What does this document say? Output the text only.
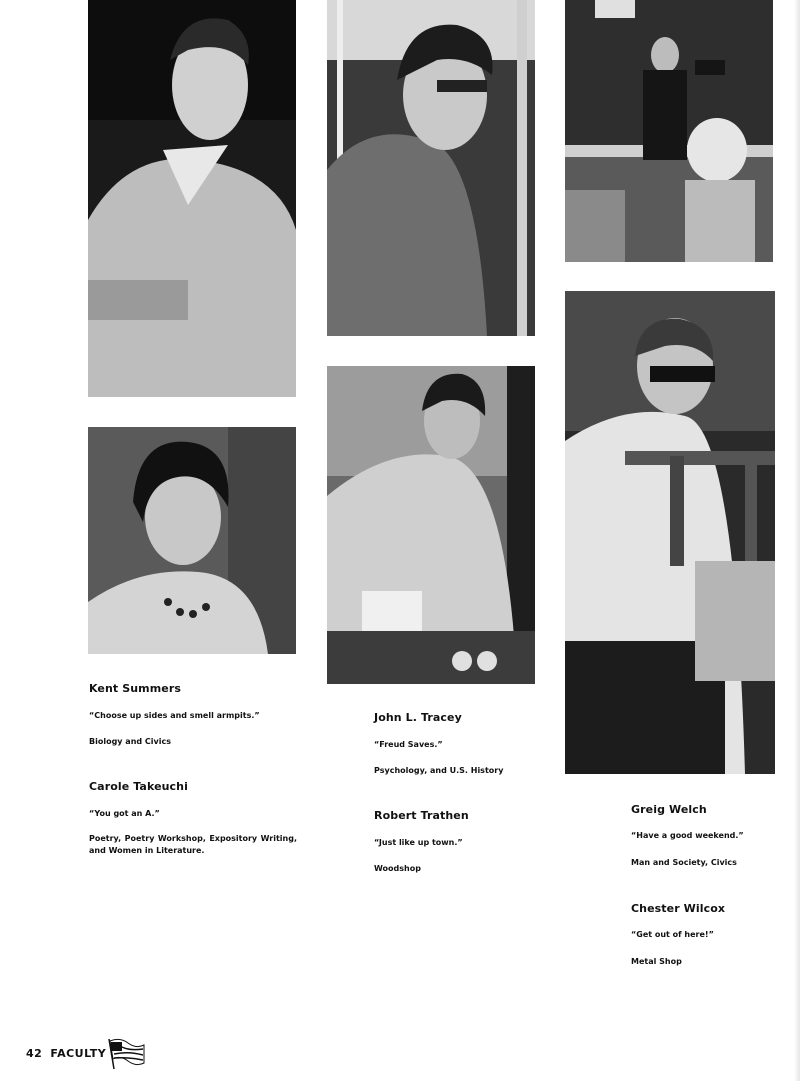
Kent Summers
“Choose up sides and smell armpits.”
Biology and Civics
Carole Takeuchi
“You got an A.”
Poetry, Poetry Workshop, Expository Writing, and Women in Literature.
John L. Tracey
“Freud Saves.”
Psychology, and U.S. History
Robert Trathen
“Just like up town.”
Woodshop
Greig Welch
“Have a good weekend.”
Man and Society, Civics
Chester Wilcox
“Get out of here!”
Metal Shop
42 FACULTY
